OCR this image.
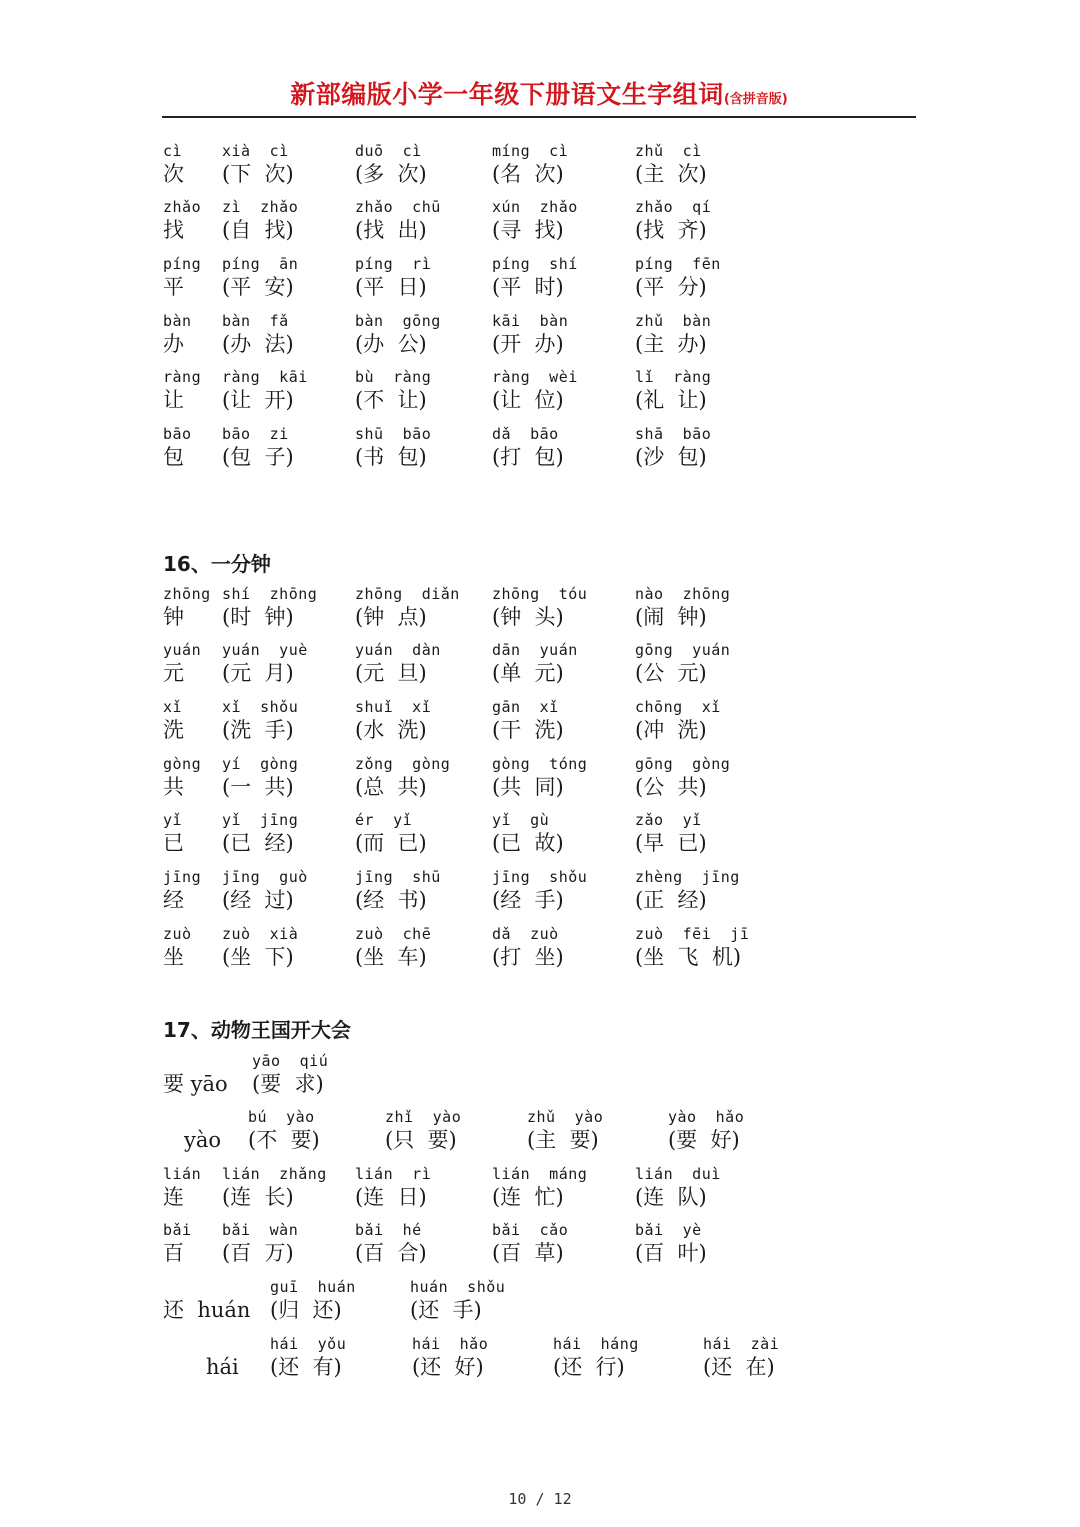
新部编版小学一年级下册语文生字组词(含拼音版)
16、一分钟
17、动物王国开大会
cì
次
xià  cì
(下  次)
duō  cì
(多  次)
míng  cì
(名  次)
zhǔ  cì
(主  次)
zhǎo
找
zì  zhǎo
(自  找)
zhǎo  chū
(找  出)
xún  zhǎo
(寻  找)
zhǎo  qí
(找  齐)
píng
平
píng  ān
(平  安)
píng  rì
(平  日)
píng  shí
(平  时)
píng  fēn
(平  分)
bàn
办
bàn  fǎ
(办  法)
bàn  gōng
(办  公)
kāi  bàn
(开  办)
zhǔ  bàn
(主  办)
ràng
让
ràng  kāi
(让  开)
bù  ràng
(不  让)
ràng  wèi
(让  位)
lǐ  ràng
(礼  让)
bāo
包
bāo  zi
(包  子)
shū  bāo
(书  包)
dǎ  bāo
(打  包)
shā  bāo
(沙  包)
zhōng
钟
shí  zhōng
(时  钟)
zhōng  diǎn
(钟  点)
zhōng  tóu
(钟  头)
nào  zhōng
(闹  钟)
yuán
元
yuán  yuè
(元  月)
yuán  dàn
(元  旦)
dān  yuán
(单  元)
gōng  yuán
(公  元)
xǐ
洗
xǐ  shǒu
(洗  手)
shuǐ  xǐ
(水  洗)
gān  xǐ
(干  洗)
chōng  xǐ
(冲  洗)
gòng
共
yí  gòng
(一  共)
zǒng  gòng
(总  共)
gòng  tóng
(共  同)
gōng  gòng
(公  共)
yǐ
已
yǐ  jīng
(已  经)
ér  yǐ
(而  已)
yǐ  gù
(已  故)
zǎo  yǐ
(早  已)
jīng
经
jīng  guò
(经  过)
jīng  shū
(经  书)
jīng  shǒu
(经  手)
zhèng  jīng
(正  经)
zuò
坐
zuò  xià
(坐  下)
zuò  chē
(坐  车)
dǎ  zuò
(打  坐)
zuò  fēi  jī
(坐  飞  机)
要 yāo
yāo  qiú
(要  求)
yào
bú  yào
(不  要)
zhǐ  yào
(只  要)
zhǔ  yào
(主  要)
yào  hǎo
(要  好)
lián
连
lián  zhǎng
(连  长)
lián  rì
(连  日)
lián  máng
(连  忙)
lián  duì
(连  队)
bǎi
百
bǎi  wàn
(百  万)
bǎi  hé
(百  合)
bǎi  cǎo
(百  草)
bǎi  yè
(百  叶)
还  huán
guī  huán
(归  还)
huán  shǒu
(还  手)
hái
hái  yǒu
(还  有)
hái  hǎo
(还  好)
hái  háng
(还  行)
hái  zài
(还  在)
10 / 12
